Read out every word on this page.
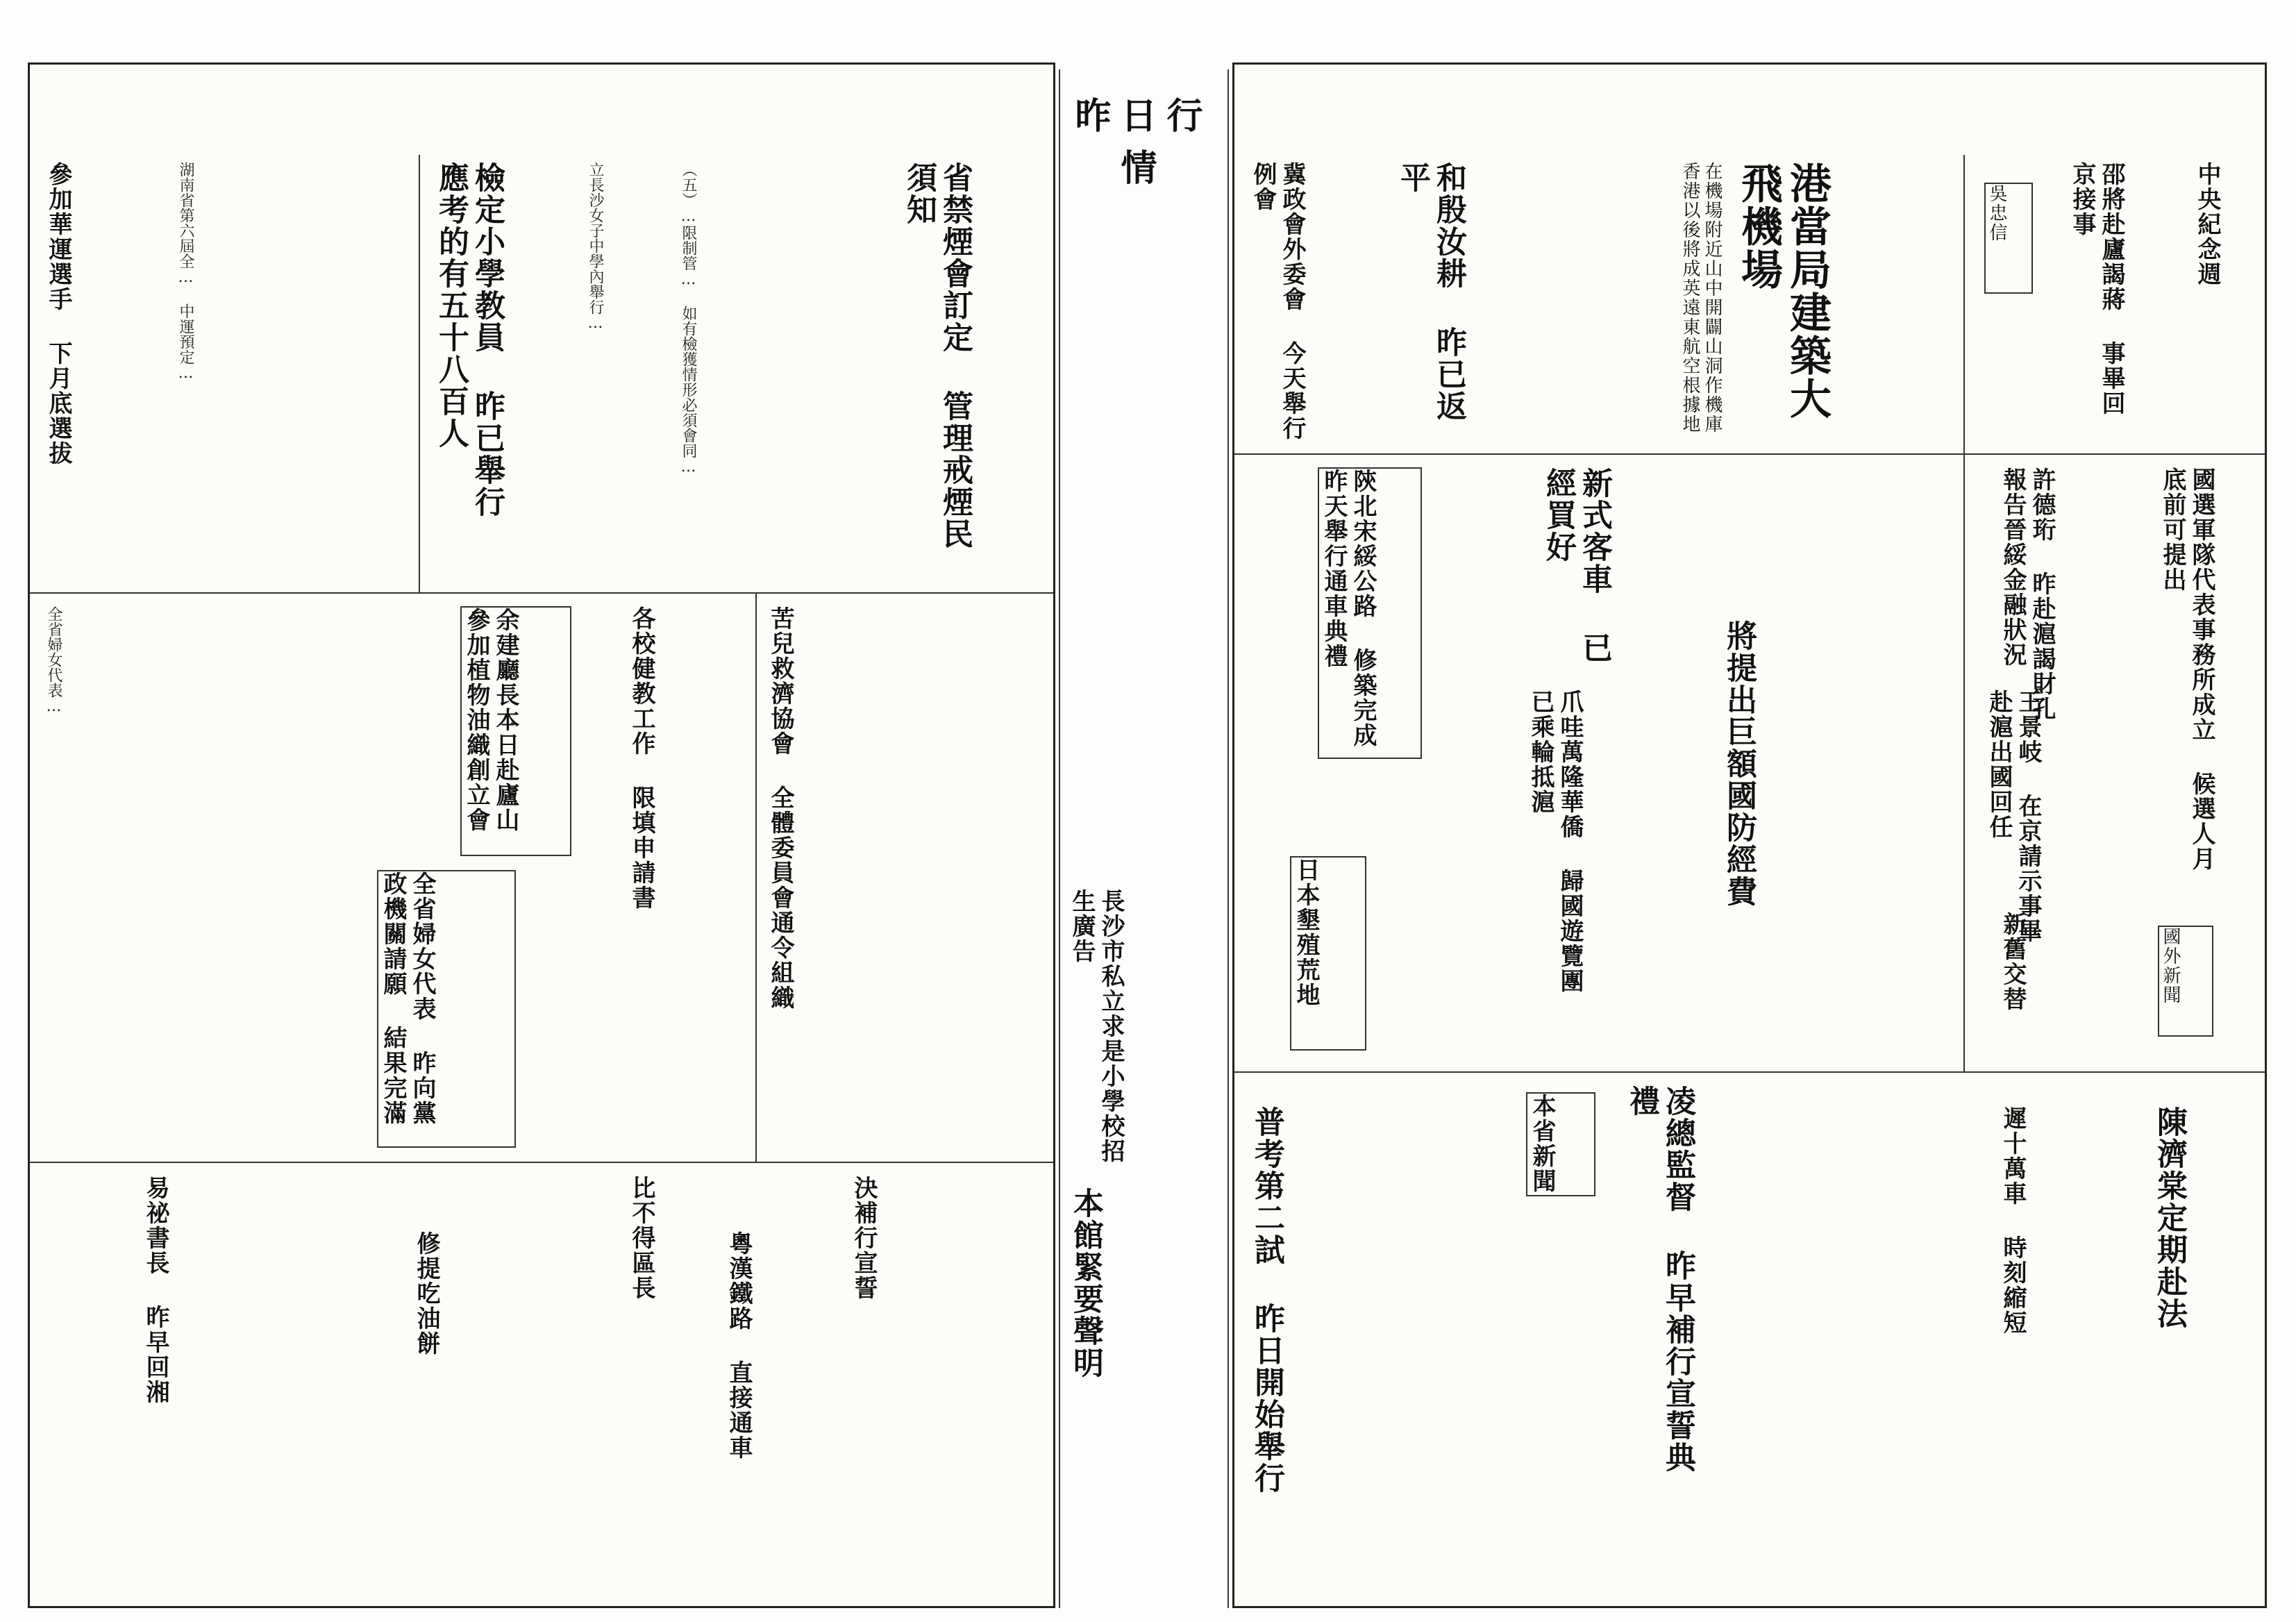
昨日行情
長沙市私立求是小學校招生廣告
本館緊要聲明
省禁煙會訂定 管理戒煙民須知
（五）…限制管… 如有檢獲情形必須會同…
檢定小學教員 昨已舉行 應考的有五十八百人	立長沙女子中學內舉行…
參加華運選手 下月底選拔	湖南省第六屆全… 中運預定…
苦兒救濟協會 全體委員會通令組織
各校健教工作 限填申請書
余建廳長本日赴廬山 參加植物油織創立會
全省婦女代表 昨向黨政機關請願 結果完滿
全省婦女代表…
決補行宣誓
比不得區長
易祕書長 昨早回湘	粵漢鐵路 直接通車
修提吃油餅
港當局建築大飛機場
在機場附近山中開闢山洞作機庫 香港以後將成英遠東航空根據地
和殷汝耕 昨已返平
冀政會外委會 今天舉行例會
新式客車 已經買好
陝北宋綏公路 修築完成昨天舉行通車典禮
將提出巨額國防經費
爪哇萬隆華僑 歸國遊覽團 已乘輪抵滬
日本墾殖荒地
凌總監督 昨早補行宣誓典禮
本省新聞
普考第二試 昨日開始舉行
中央紀念週
邵將赴廬謁蔣 事畢回京接事
吳忠信
許德珩 昨赴滬謁財孔 報告晉綏金融狀況	國選軍隊代表事務所成立 候選人月底前可提出
王景岐 在京請示事畢 赴滬出國回任
新舊交替	國外新聞
遲十萬車 時刻縮短	陳濟棠定期赴法
